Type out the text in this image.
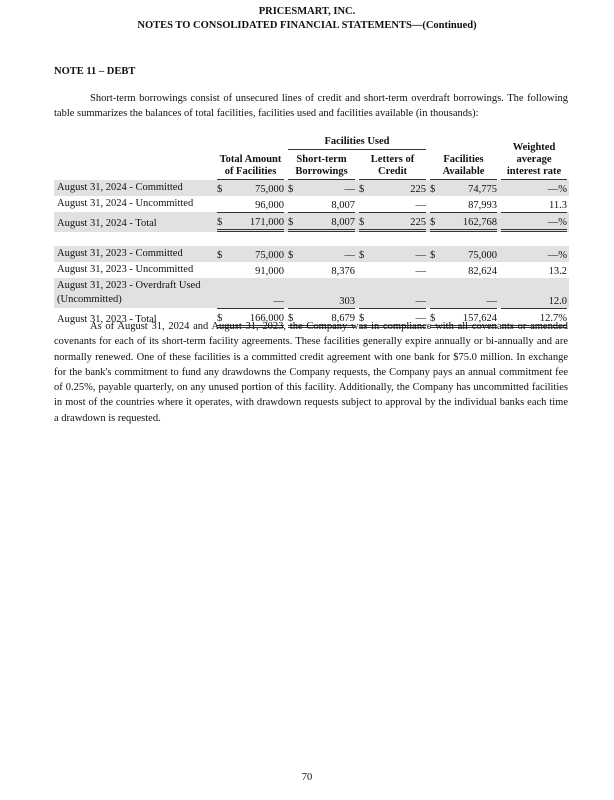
PRICESMART, INC.
NOTES TO CONSOLIDATED FINANCIAL STATEMENTS—(Continued)
NOTE 11 – DEBT

Short-term borrowings consist of unsecured lines of credit and short-term overdraft borrowings. The following table summarizes the balances of total facilities, facilities used and facilities available (in thousands):

		Facilities Used			Weighted average interest rate

	Total Amount of Facilities	Short-term Borrowings	Letters of Credit	Facilities Available	

August 31, 2024 - Committed	$ 75,000	$ —	$ 225	$ 74,775	—%

August 31, 2024 - Uncommitted	96,000	8,007	—	87,993	11.3

August 31, 2024 - Total	$ 171,000	$ 8,007	$ 225	$ 162,768	—%

August 31, 2023 - Committed	$ 75,000	$ —	$ —	$ 75,000	—%

August 31, 2023 - Uncommitted	91,000	8,376	—	82,624	13.2

August 31, 2023 - Overdraft Used (Uncommitted)	—	303	—	—	12.0

August 31, 2023 - Total	$ 166,000	$ 8,679	$ —	$ 157,624	12.7%

As of August 31, 2024 and August 31, 2023, the Company was in compliance with all covenants or amended covenants for each of its short-term facility agreements. These facilities generally expire annually or bi-annually and are normally renewed. One of these facilities is a committed credit agreement with one bank for $75.0 million. In exchange for the bank's commitment to fund any drawdowns the Company requests, the Company pays an annual commitment fee of 0.25%, payable quarterly, on any unused portion of this facility. Additionally, the Company has uncommitted facilities in most of the countries where it operates, with drawdown requests subject to approval by the individual banks each time a drawdown is requested.

70
